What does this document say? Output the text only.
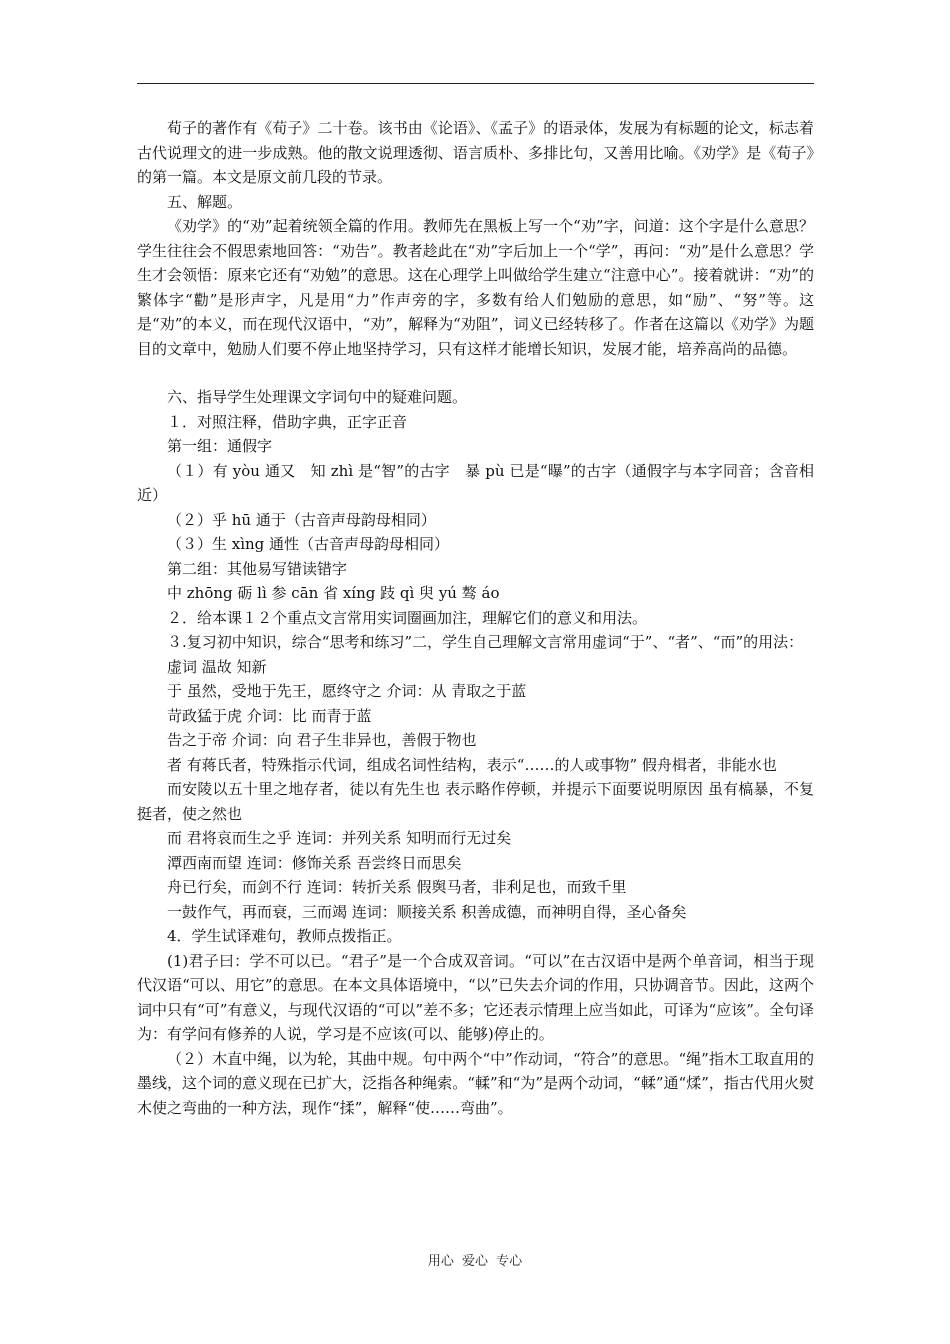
荀子的著作有《荀子》二十卷。该书由《论语》、《孟子》的语录体，发展为有标题的论文，标志着古代说理文的进一步成熟。他的散文说理透彻、语言质朴、多排比句，又善用比喻。《劝学》是《荀子》的第一篇。本文是原文前几段的节录。

五、解题。

《劝学》的“劝”起着统领全篇的作用。教师先在黑板上写一个“劝”字，问道：这个字是什么意思？学生往往会不假思索地回答：“劝告”。教者趁此在“劝”字后加上一个“学”，再问：“劝”是什么意思？学生才会领悟：原来它还有“劝勉”的意思。这在心理学上叫做给学生建立“注意中心”。接着就讲：“劝”的繁体字“勸”是形声字，凡是用“力”作声旁的字，多数有给人们勉励的意思，如“励”、“努”等。这是“劝”的本义，而在现代汉语中，“劝”，解释为“劝阻”，词义已经转移了。作者在这篇以《劝学》为题目的文章中，勉励人们要不停止地坚持学习，只有这样才能增长知识，发展才能，培养高尚的品德。

六、指导学生处理课文字词句中的疑难问题。

１．对照注释，借助字典，正字正音

第一组：通假字

（１）有 yòu 通又　知 zhì 是“智”的古字　暴 pù 已是“曝”的古字（通假字与本字同音；含音相近）

（２）乎 hū 通于（古音声母韵母相同）

（３）生 xìng 通性（古音声母韵母相同）

第二组：其他易写错读错字

中 zhōng 砺 lì 参 cān 省 xíng 跂 qì 臾 yú 骜 áo

２．给本课１２个重点文言常用实词圈画加注，理解它们的意义和用法。

３.复习初中知识，综合“思考和练习”二，学生自己理解文言常用虚词“于”、“者”、“而”的用法：

虚词 温故 知新

于 虽然，受地于先王，愿终守之 介词：从 青取之于蓝

苛政猛于虎 介词：比 而青于蓝

告之于帝 介词：向 君子生非异也，善假于物也

者 有蒋氏者，特殊指示代词，组成名词性结构，表示“……的人或事物” 假舟楫者，非能水也

而安陵以五十里之地存者，徒以有先生也 表示略作停顿，并提示下面要说明原因 虽有槁暴，不复挺者，使之然也

而 君将哀而生之乎 连词：并列关系 知明而行无过矣

潭西南而望 连词：修饰关系 吾尝终日而思矣

舟已行矣，而剑不行 连词：转折关系 假舆马者，非利足也，而致千里

一鼓作气，再而衰，三而竭 连词：顺接关系 积善成德，而神明自得，圣心备矣

4．学生试译难句，教师点拨指正。

(1)君子曰：学不可以已。“君子”是一个合成双音词。“可以”在古汉语中是两个单音词，相当于现代汉语“可以、用它”的意思。在本文具体语境中，“以”已失去介词的作用，只协调音节。因此，这两个词中只有“可”有意义，与现代汉语的“可以”差不多；它还表示情理上应当如此，可译为“应该”。全句译为：有学问有修养的人说，学习是不应该(可以、能够)停止的。

（２）木直中绳，以为轮，其曲中规。句中两个“中”作动词，“符合”的意思。“绳”指木工取直用的墨线，这个词的意义现在已扩大，泛指各种绳索。“輮”和“为”是两个动词，“輮”通“煣”，指古代用火熨木使之弯曲的一种方法，现作“揉”，解释“使……弯曲”。

用心 爱心 专心
